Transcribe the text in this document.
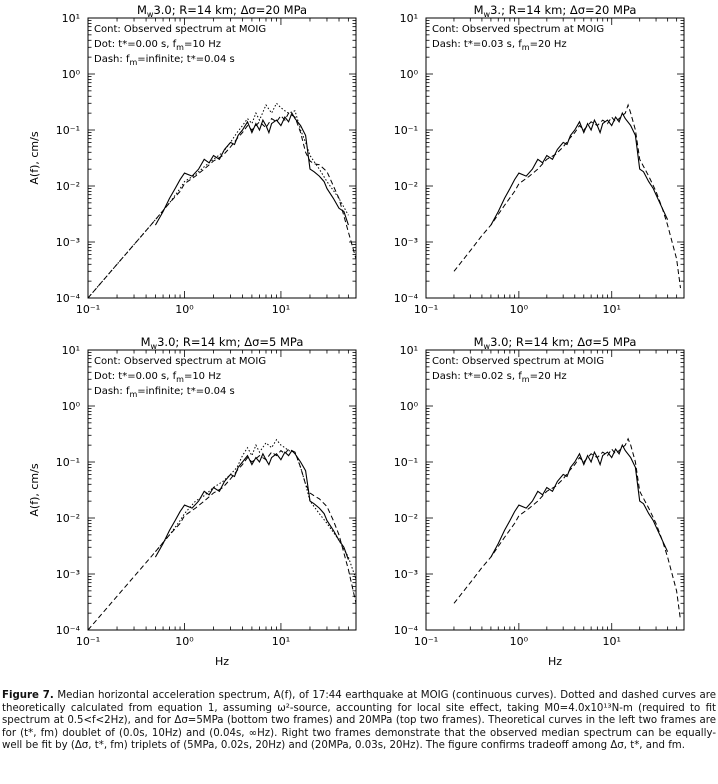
10⁻⁴
10⁻³
10⁻²
10⁻¹
10⁰
10¹
10⁻¹	10⁰	10¹
$M_w3.0$; R=14 km; Δσ=20 MPa
Cont: Observed spectrum at MOIG
Dot: t*=0.00 s, $f_m=10$ Hz
Dash: $f_m=infinite$; t*=0.04 s
A(f), cm/s
10⁻⁴
10⁻³
10⁻²
10⁻¹
10⁰
10¹
10⁻¹	10⁰	10¹
$M_w3$.; R=14 km; Δσ=20 MPa
Cont: Observed spectrum at MOIG
Dash: t*=0.03 s, $f_m=20$ Hz
10⁻⁴
10⁻³
10⁻²
10⁻¹
10⁰
10¹
10⁻¹	10⁰	10¹
$M_w3.0$; R=14 km; Δσ=5 MPa
Cont: Observed spectrum at MOIG
Dot: t*=0.00 s, $f_m=10$ Hz
Dash: $f_m=infinite$; t*=0.04 s
A(f), cm/s
Hz
10⁻⁴
10⁻³
10⁻²
10⁻¹
10⁰
10¹
10⁻¹	10⁰	10¹
$M_w3.0$; R=14 km; Δσ=5 MPa
Cont: Observed spectrum at MOIG
Dash: t*=0.02 s, $f_m=20$ Hz
Hz
Figure 7. Median horizontal acceleration spectrum, A(f), of 17:44 earthquake at MOIG (continuous curves). Dotted and dashed curves are theoretically calculated from equation 1, assuming ω²-source, accounting for local site effect, taking M0=4.0x10¹³N-m (required to fit spectrum at 0.5<f<2Hz), and for Δσ=5MPa (bottom two frames) and 20MPa (top two frames). Theoretical curves in the left two frames are for (t*, fm) doublet of (0.0s, 10Hz) and (0.04s, ∞Hz). Right two frames demonstrate that the observed median spectrum can be equally-well be fit by (Δσ, t*, fm) triplets of (5MPa, 0.02s, 20Hz) and (20MPa, 0.03s, 20Hz). The figure confirms tradeoff among Δσ, t*, and fm.
